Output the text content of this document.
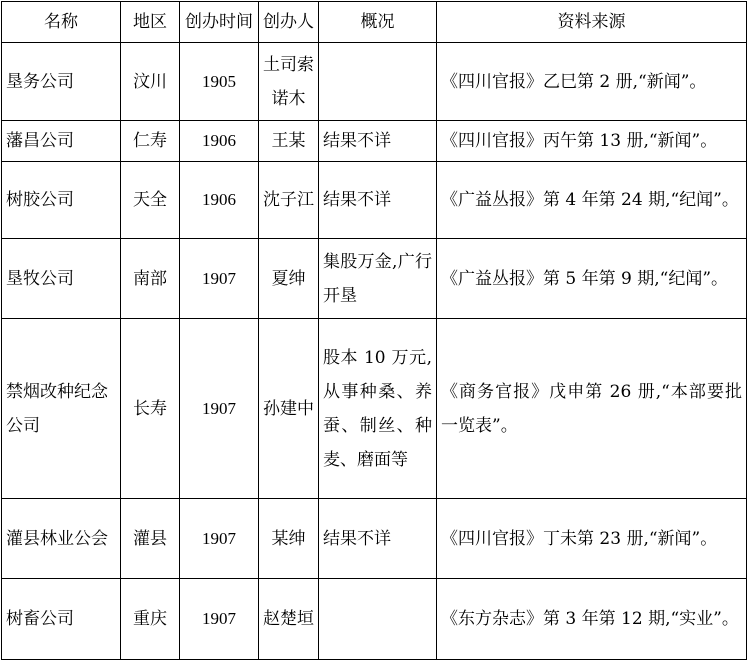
名称	地区	创办时间	创办人	概况	资料来源
垦务公司	汶川	1905	土司索诺木		《四川官报》乙巳第 2 册,“新闻”。
藩昌公司	仁寿	1906	王某	结果不详	《四川官报》丙午第 13 册,“新闻”。
树胶公司	天全	1906	沈子江	结果不详	《广益丛报》第 4 年第 24 期,“纪闻”。
垦牧公司	南部	1907	夏绅	集股万金,广行开垦	《广益丛报》第 5 年第 9 期,“纪闻”。
禁烟改种纪念公司	长寿	1907	孙建中	股本 10 万元,从事种桑、养蚕、制丝、种麦、磨面等	《商务官报》戊申第 26 册,“本部要批一览表”。
灌县林业公会	灌县	1907	某绅	结果不详	《四川官报》丁未第 23 册,“新闻”。
树畜公司	重庆	1907	赵楚垣		《东方杂志》第 3 年第 12 期,“实业”。
